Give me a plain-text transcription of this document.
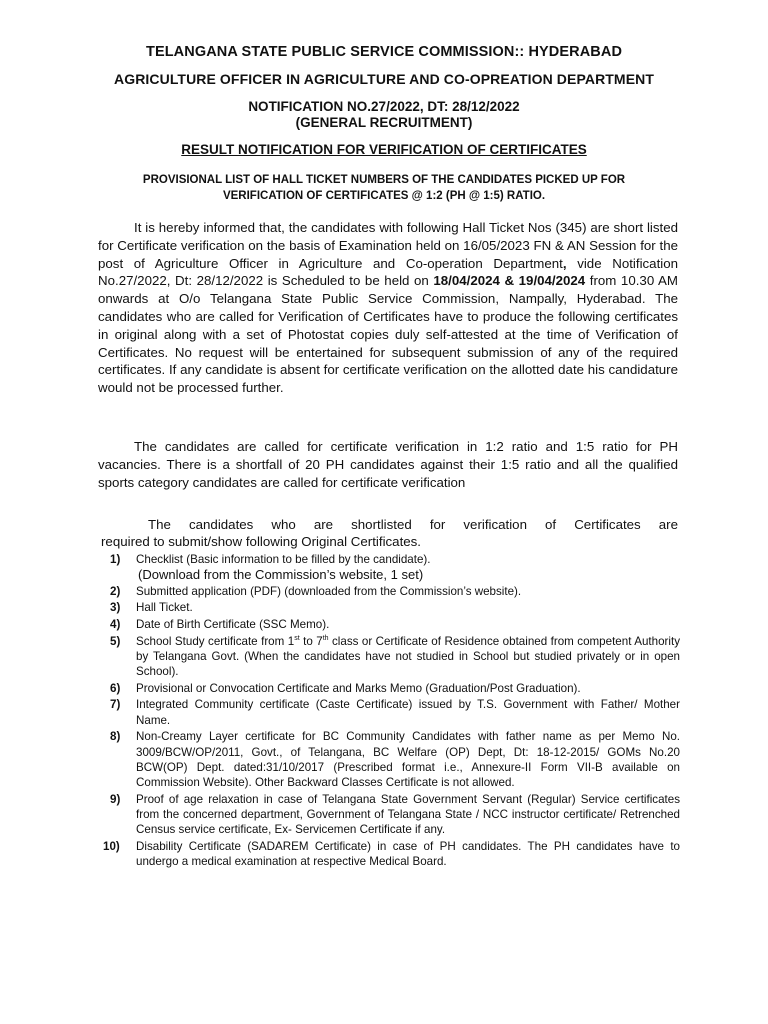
TELANGANA STATE PUBLIC SERVICE COMMISSION:: HYDERABAD

AGRICULTURE OFFICER IN AGRICULTURE AND CO-OPREATION DEPARTMENT

NOTIFICATION NO.27/2022, DT: 28/12/2022
(GENERAL RECRUITMENT)

RESULT NOTIFICATION FOR VERIFICATION OF CERTIFICATES

PROVISIONAL LIST OF HALL TICKET NUMBERS OF THE CANDIDATES PICKED UP FOR
VERIFICATION OF CERTIFICATES @ 1:2 (PH @ 1:5) RATIO.

It is hereby informed that, the candidates with following Hall Ticket Nos (345) are short listed for Certificate verification on the basis of Examination held on 16/05/2023 FN & AN Session for the post of Agriculture Officer in Agriculture and Co-operation Department, vide Notification No.27/2022, Dt: 28/12/2022 is Scheduled to be held on 18/04/2024 & 19/04/2024 from 10.30 AM onwards at O/o Telangana State Public Service Commission, Nampally, Hyderabad. The candidates who are called for Verification of Certificates have to produce the following certificates in original along with a set of Photostat copies duly self-attested at the time of Verification of Certificates. No request will be entertained for subsequent submission of any of the required certificates. If any candidate is absent for certificate verification on the allotted date his candidature would not be processed further.

The candidates are called for certificate verification in 1:2 ratio and 1:5 ratio for PH vacancies. There is a shortfall of 20 PH candidates against their 1:5 ratio and all the qualified sports category candidates are called for certificate verification

The candidates who are shortlisted for verification of Certificates are
required to submit/show following Original Certificates.

1) Checklist (Basic information to be filled by the candidate).
(Download from the Commission’s website, 1 set)
2) Submitted application (PDF) (downloaded from the Commission’s website).
3) Hall Ticket.
4) Date of Birth Certificate (SSC Memo).
5) School Study certificate from 1st to 7th class or Certificate of Residence obtained from competent Authority by Telangana Govt. (When the candidates have not studied in School but studied privately or in open School).
6) Provisional or Convocation Certificate and Marks Memo (Graduation/Post Graduation).
7) Integrated Community certificate (Caste Certificate) issued by T.S. Government with Father/ Mother Name.
8) Non-Creamy Layer certificate for BC Community Candidates with father name as per Memo No. 3009/BCW/OP/2011, Govt., of Telangana, BC Welfare (OP) Dept, Dt: 18-12-2015/ GOMs No.20 BCW(OP) Dept. dated:31/10/2017 (Prescribed format i.e., Annexure-II Form VII-B available on Commission Website). Other Backward Classes Certificate is not allowed.
9) Proof of age relaxation in case of Telangana State Government Servant (Regular) Service certificates from the concerned department, Government of Telangana State / NCC instructor certificate/ Retrenched Census service certificate, Ex- Servicemen Certificate if any.
10) Disability Certificate (SADAREM Certificate) in case of PH candidates. The PH candidates have to undergo a medical examination at respective Medical Board.
